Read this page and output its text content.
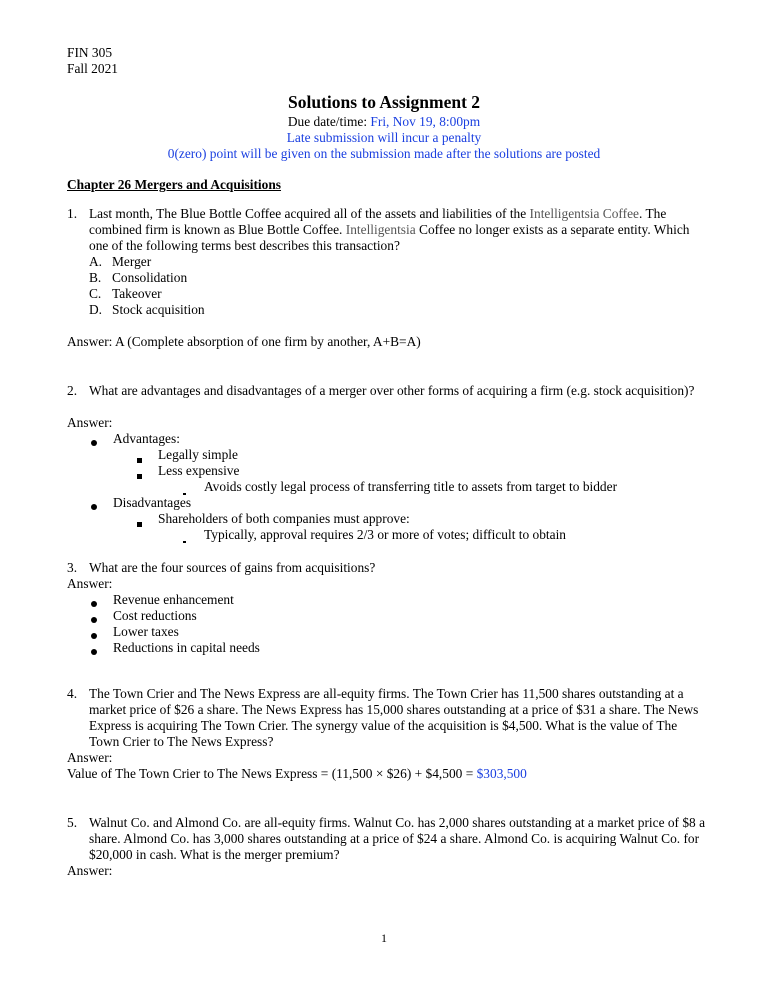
FIN 305
Fall 2021
Solutions to Assignment 2
Due date/time: Fri, Nov 19, 8:00pm
Late submission will incur a penalty
0(zero) point will be given on the submission made after the solutions are posted
Chapter 26 Mergers and Acquisitions
1. Last month, The Blue Bottle Coffee acquired all of the assets and liabilities of the Intelligentsia Coffee. The combined firm is known as Blue Bottle Coffee. Intelligentsia Coffee no longer exists as a separate entity. Which one of the following terms best describes this transaction?
A. Merger
B. Consolidation
C. Takeover
D. Stock acquisition
Answer: A (Complete absorption of one firm by another, A+B=A)
2. What are advantages and disadvantages of a merger over other forms of acquiring a firm (e.g. stock acquisition)?
Answer:
Advantages:
Legally simple
Less expensive
Avoids costly legal process of transferring title to assets from target to bidder
Disadvantages
Shareholders of both companies must approve:
Typically, approval requires 2/3 or more of votes; difficult to obtain
3. What are the four sources of gains from acquisitions?
Answer:
Revenue enhancement
Cost reductions
Lower taxes
Reductions in capital needs
4. The Town Crier and The News Express are all-equity firms. The Town Crier has 11,500 shares outstanding at a market price of $26 a share. The News Express has 15,000 shares outstanding at a price of $31 a share. The News Express is acquiring The Town Crier. The synergy value of the acquisition is $4,500. What is the value of The Town Crier to The News Express?
Answer:
Value of The Town Crier to The News Express = (11,500 × $26) + $4,500 = $303,500
5. Walnut Co. and Almond Co. are all-equity firms. Walnut Co. has 2,000 shares outstanding at a market price of $8 a share. Almond Co. has 3,000 shares outstanding at a price of $24 a share. Almond Co. is acquiring Walnut Co. for $20,000 in cash. What is the merger premium?
Answer:
1
